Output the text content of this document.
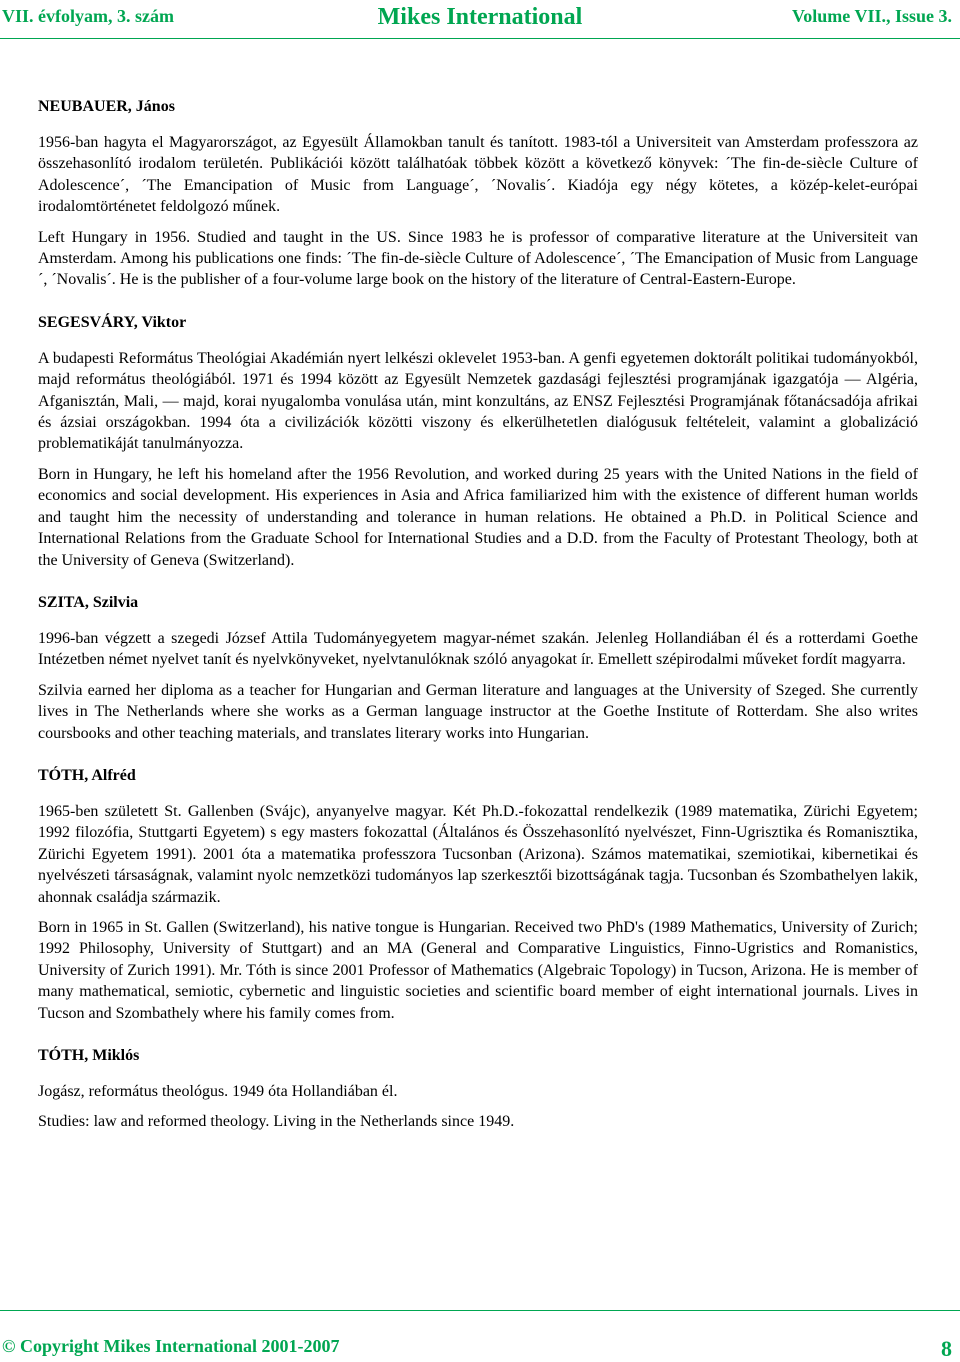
VII. évfolyam, 3. szám	Mikes International	Volume VII., Issue 3.
NEUBAUER, János

1956-ban hagyta el Magyarországot, az Egyesült Államokban tanult és tanított. 1983-tól a Universiteit van Amsterdam professzora az összehasonlító irodalom területén. Publikációi között találhatóak többek között a következő könyvek: ´The fin-de-siècle Culture of Adolescence´, ´The Emancipation of Music from Language´, ´Novalis´. Kiadója egy négy kötetes, a közép-kelet-európai irodalomtörténetet feldolgozó műnek.

Left Hungary in 1956. Studied and taught in the US. Since 1983 he is professor of comparative literature at the Universiteit van Amsterdam. Among his publications one finds: ´The fin-de-siècle Culture of Adolescence´, ´The Emancipation of Music from Language´, ´Novalis´. He is the publisher of a four-volume large book on the history of the literature of Central-Eastern-Europe.

SEGESVÁRY, Viktor

A budapesti Református Theológiai Akadémián nyert lelkészi oklevelet 1953-ban. A genfi egyetemen doktorált politikai tudományokból, majd református theológiából. 1971 és 1994 között az Egyesült Nemzetek gazdasági fejlesztési programjának igazgatója — Algéria, Afganisztán, Mali, — majd, korai nyugalomba vonulása után, mint konzultáns, az ENSZ Fejlesztési Programjának főtanácsadója afrikai és ázsiai országokban. 1994 óta a civilizációk közötti viszony és elkerülhetetlen dialógusuk feltételeit, valamint a globalizáció problematikáját tanulmányozza.

Born in Hungary, he left his homeland after the 1956 Revolution, and worked during 25 years with the United Nations in the field of economics and social development. His experiences in Asia and Africa familiarized him with the existence of different human worlds and taught him the necessity of understanding and tolerance in human relations. He obtained a Ph.D. in Political Science and International Relations from the Graduate School for International Studies and a D.D. from the Faculty of Protestant Theology, both at the University of Geneva (Switzerland).

SZITA, Szilvia

1996-ban végzett a szegedi József Attila Tudományegyetem magyar-német szakán. Jelenleg Hollandiában él és a rotterdami Goethe Intézetben német nyelvet tanít és nyelvkönyveket, nyelvtanulóknak szóló anyagokat ír. Emellett szépirodalmi műveket fordít magyarra.

Szilvia earned her diploma as a teacher for Hungarian and German literature and languages at the University of Szeged. She currently lives in The Netherlands where she works as a German language instructor at the Goethe Institute of Rotterdam. She also writes coursbooks and other teaching materials, and translates literary works into Hungarian.

TÓTH, Alfréd

1965-ben született St. Gallenben (Svájc), anyanyelve magyar. Két Ph.D.-fokozattal rendelkezik (1989 matematika, Zürichi Egyetem; 1992 filozófia, Stuttgarti Egyetem) s egy masters fokozattal (Általános és Összehasonlító nyelvészet, Finn-Ugrisztika és Romanisztika, Zürichi Egyetem 1991). 2001 óta a matematika professzora Tucsonban (Arizona). Számos matematikai, szemiotikai, kibernetikai és nyelvészeti társaságnak, valamint nyolc nemzetközi tudományos lap szerkesztői bizottságának tagja. Tucsonban és Szombathelyen lakik, ahonnak családja származik.

Born in 1965 in St. Gallen (Switzerland), his native tongue is Hungarian. Received two PhD's (1989 Mathematics, University of Zurich; 1992 Philosophy, University of Stuttgart) and an MA (General and Comparative Linguistics, Finno-Ugristics and Romanistics, University of Zurich 1991). Mr. Tóth is since 2001 Professor of Mathematics (Algebraic Topology) in Tucson, Arizona. He is member of many mathematical, semiotic, cybernetic and linguistic societies and scientific board member of eight international journals. Lives in Tucson and Szombathely where his family comes from.

TÓTH, Miklós

Jogász, református theológus. 1949 óta Hollandiában él.

Studies: law and reformed theology. Living in the Netherlands since 1949.

© Copyright Mikes International 2001-2007	8
